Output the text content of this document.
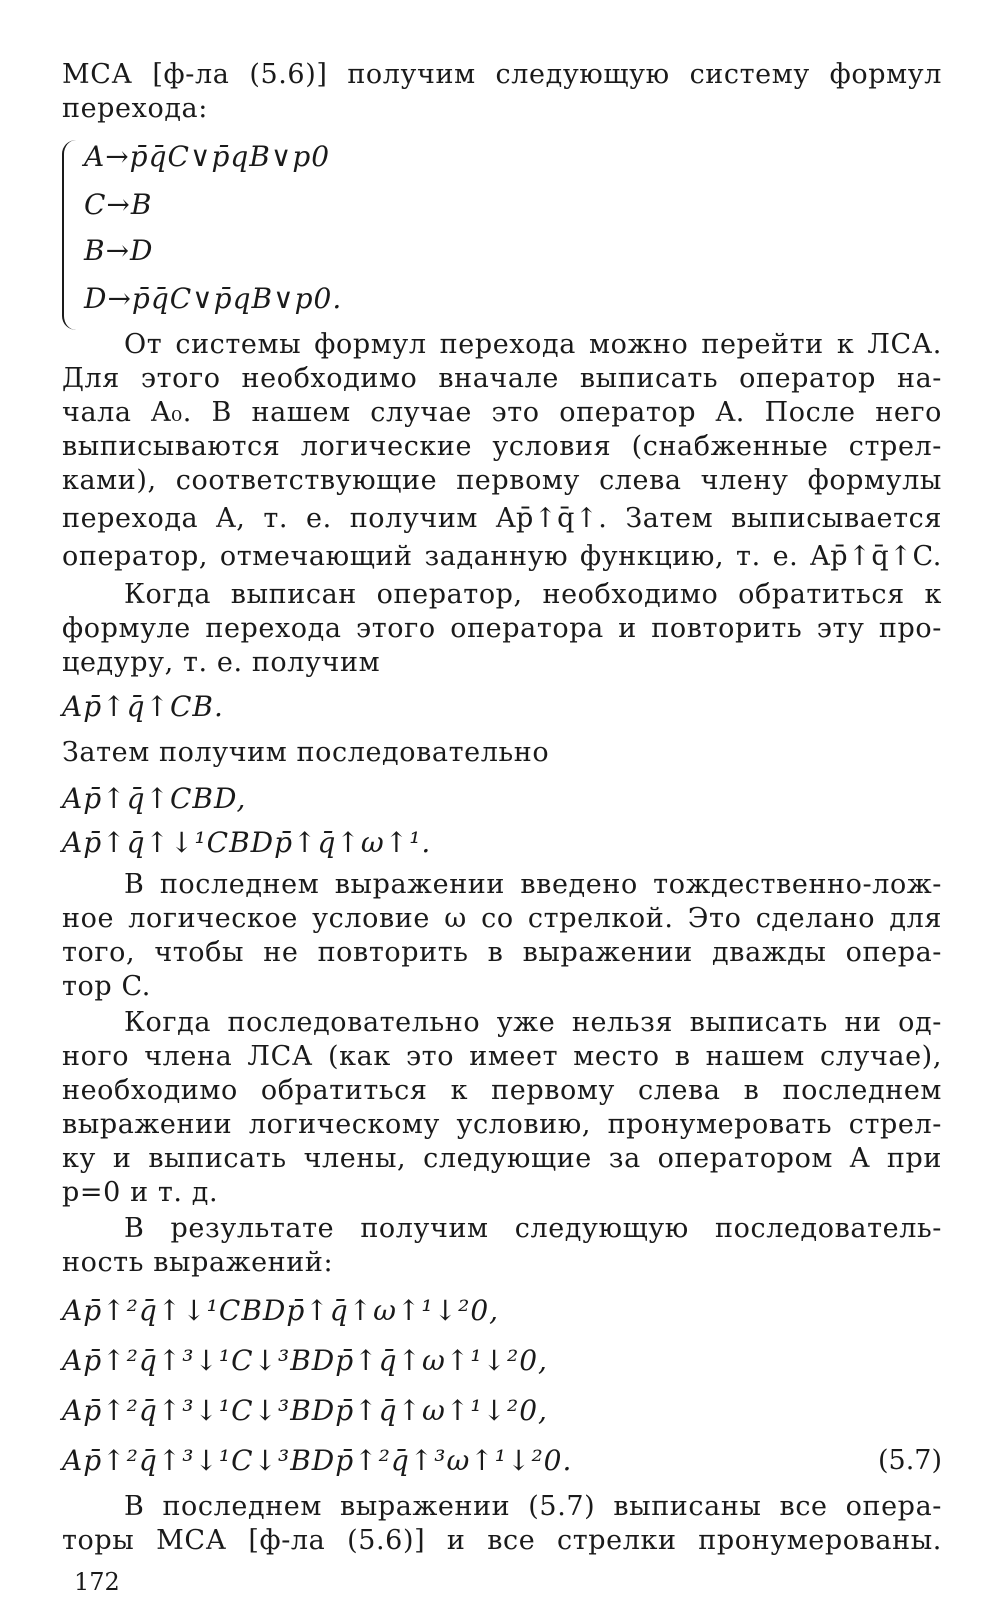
МСА [ф-ла (5.6)] получим следующую систему формул
перехода:
A→p̄q̄C∨p̄qB∨p0
C→B
B→D
D→p̄q̄C∨p̄qB∨p0.
От системы формул перехода можно перейти к ЛСА.
Для этого необходимо вначале выписать оператор на-
чала A₀. В нашем случае это оператор A. После него
выписываются логические условия (снабженные стрел-
ками), соответствующие первому слева члену формулы
перехода A, т. е. получим Ap̄↑q̄↑. Затем выписывается
оператор, отмечающий заданную функцию, т. е. Ap̄↑q̄↑C.
Когда выписан оператор, необходимо обратиться к
формуле перехода этого оператора и повторить эту про-
цедуру, т. е. получим
Ap̄↑q̄↑CB.
Затем получим последовательно
Ap̄↑q̄↑CBD,
Ap̄↑q̄↑↓¹CBDp̄↑q̄↑ω↑¹.
В последнем выражении введено тождественно-лож-
ное логическое условие ω со стрелкой. Это сделано для
того, чтобы не повторить в выражении дважды опера-
тор C.
Когда последовательно уже нельзя выписать ни од-
ного члена ЛСА (как это имеет место в нашем случае),
необходимо обратиться к первому слева в последнем
выражении логическому условию, пронумеровать стрел-
ку и выписать члены, следующие за оператором A при
p=0 и т. д.
В результате получим следующую последователь-
ность выражений:
Ap̄↑²q̄↑↓¹CBDp̄↑q̄↑ω↑¹↓²0,
Ap̄↑²q̄↑³↓¹C↓³BDp̄↑q̄↑ω↑¹↓²0,
Ap̄↑²q̄↑³↓¹C↓³BDp̄↑q̄↑ω↑¹↓²0,
Ap̄↑²q̄↑³↓¹C↓³BDp̄↑²q̄↑³ω↑¹↓²0.	(5.7)
В последнем выражении (5.7) выписаны все опера-
торы МСА [ф-ла (5.6)] и все стрелки пронумерованы.
172
